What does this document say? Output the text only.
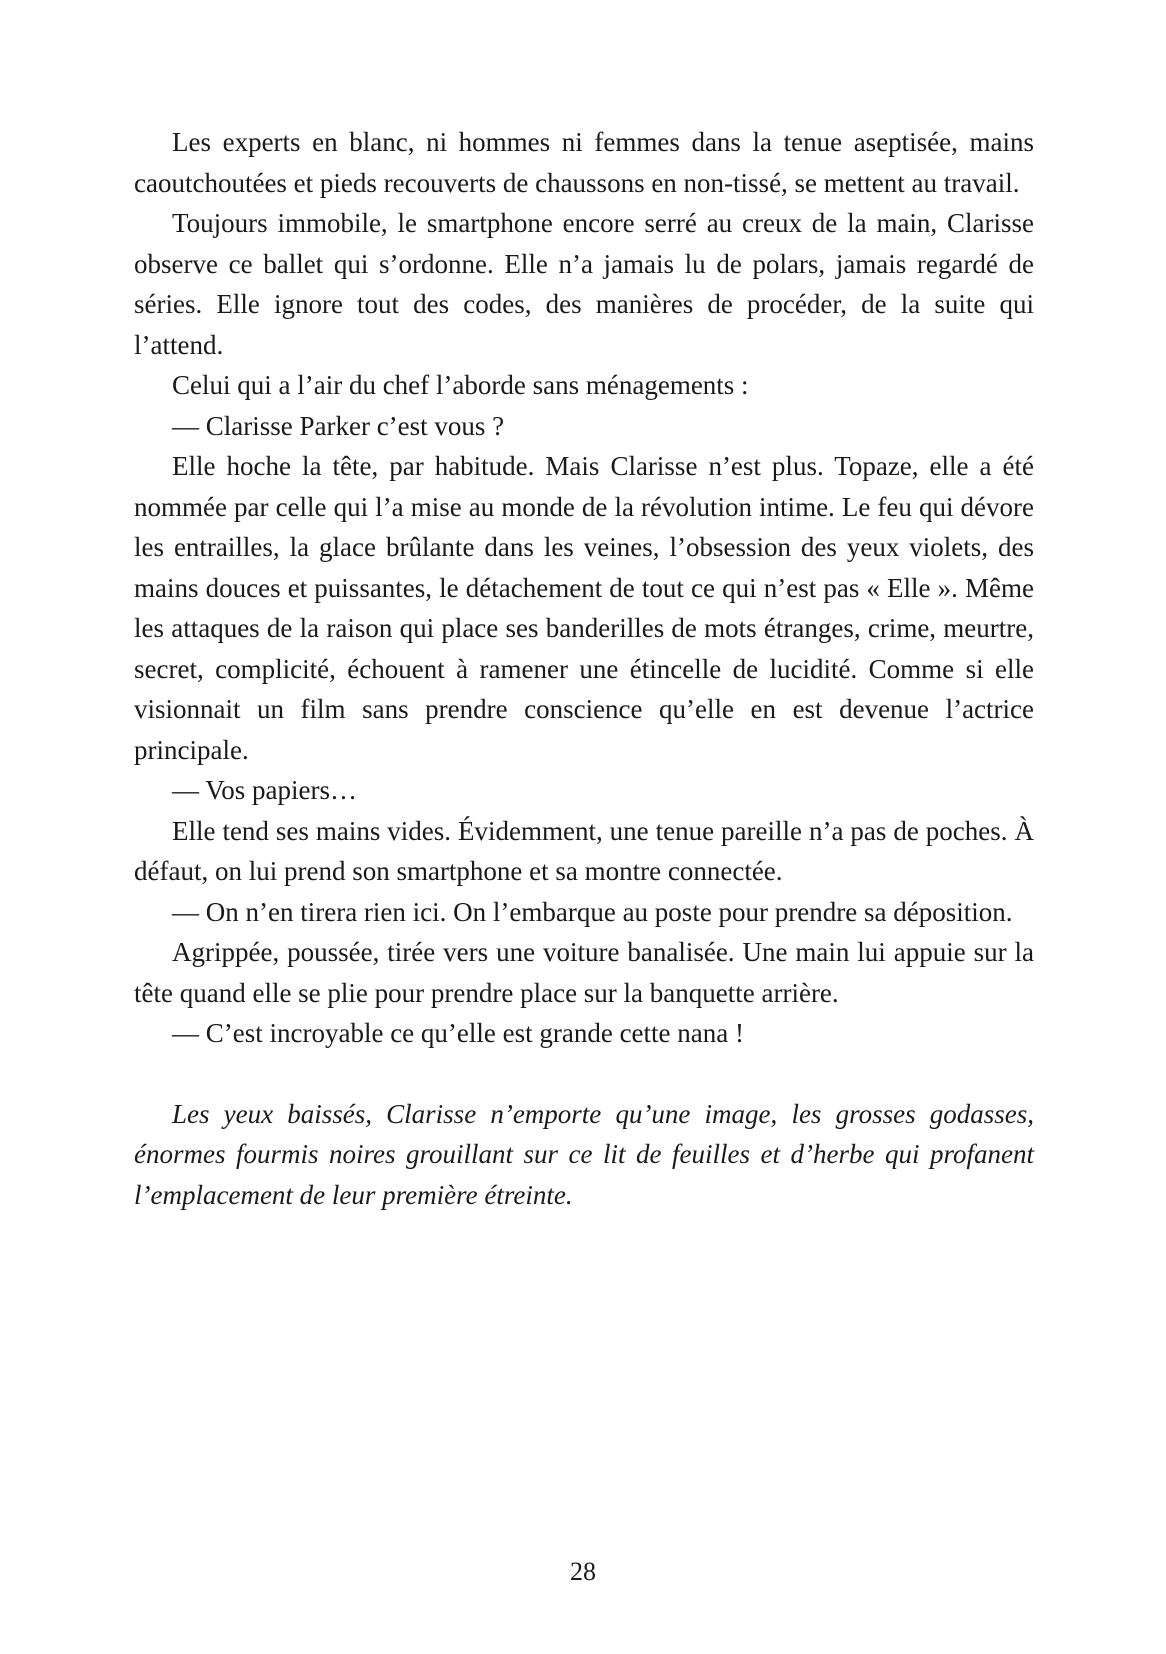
Les experts en blanc, ni hommes ni femmes dans la tenue aseptisée, mains caoutchoutées et pieds recouverts de chaussons en non-tissé, se mettent au travail.

Toujours immobile, le smartphone encore serré au creux de la main, Clarisse observe ce ballet qui s’ordonne. Elle n’a jamais lu de polars, jamais regardé de séries. Elle ignore tout des codes, des manières de procéder, de la suite qui l’attend.

Celui qui a l’air du chef l’aborde sans ménagements :

— Clarisse Parker c’est vous ?

Elle hoche la tête, par habitude. Mais Clarisse n’est plus. Topaze, elle a été nommée par celle qui l’a mise au monde de la révolution intime. Le feu qui dévore les entrailles, la glace brûlante dans les veines, l’obsession des yeux violets, des mains douces et puissantes, le détachement de tout ce qui n’est pas « Elle ». Même les attaques de la raison qui place ses banderilles de mots étranges, crime, meurtre, secret, complicité, échouent à ramener une étincelle de lucidité. Comme si elle visionnait un film sans prendre conscience qu’elle en est devenue l’actrice principale.

— Vos papiers…

Elle tend ses mains vides. Évidemment, une tenue pareille n’a pas de poches. À défaut, on lui prend son smartphone et sa montre connectée.

— On n’en tirera rien ici. On l’embarque au poste pour prendre sa déposition.

Agrippée, poussée, tirée vers une voiture banalisée. Une main lui appuie sur la tête quand elle se plie pour prendre place sur la banquette arrière.

— C’est incroyable ce qu’elle est grande cette nana !

Les yeux baissés, Clarisse n’emporte qu’une image, les grosses godasses, énormes fourmis noires grouillant sur ce lit de feuilles et d’herbe qui profanent l’emplacement de leur première étreinte.

28
